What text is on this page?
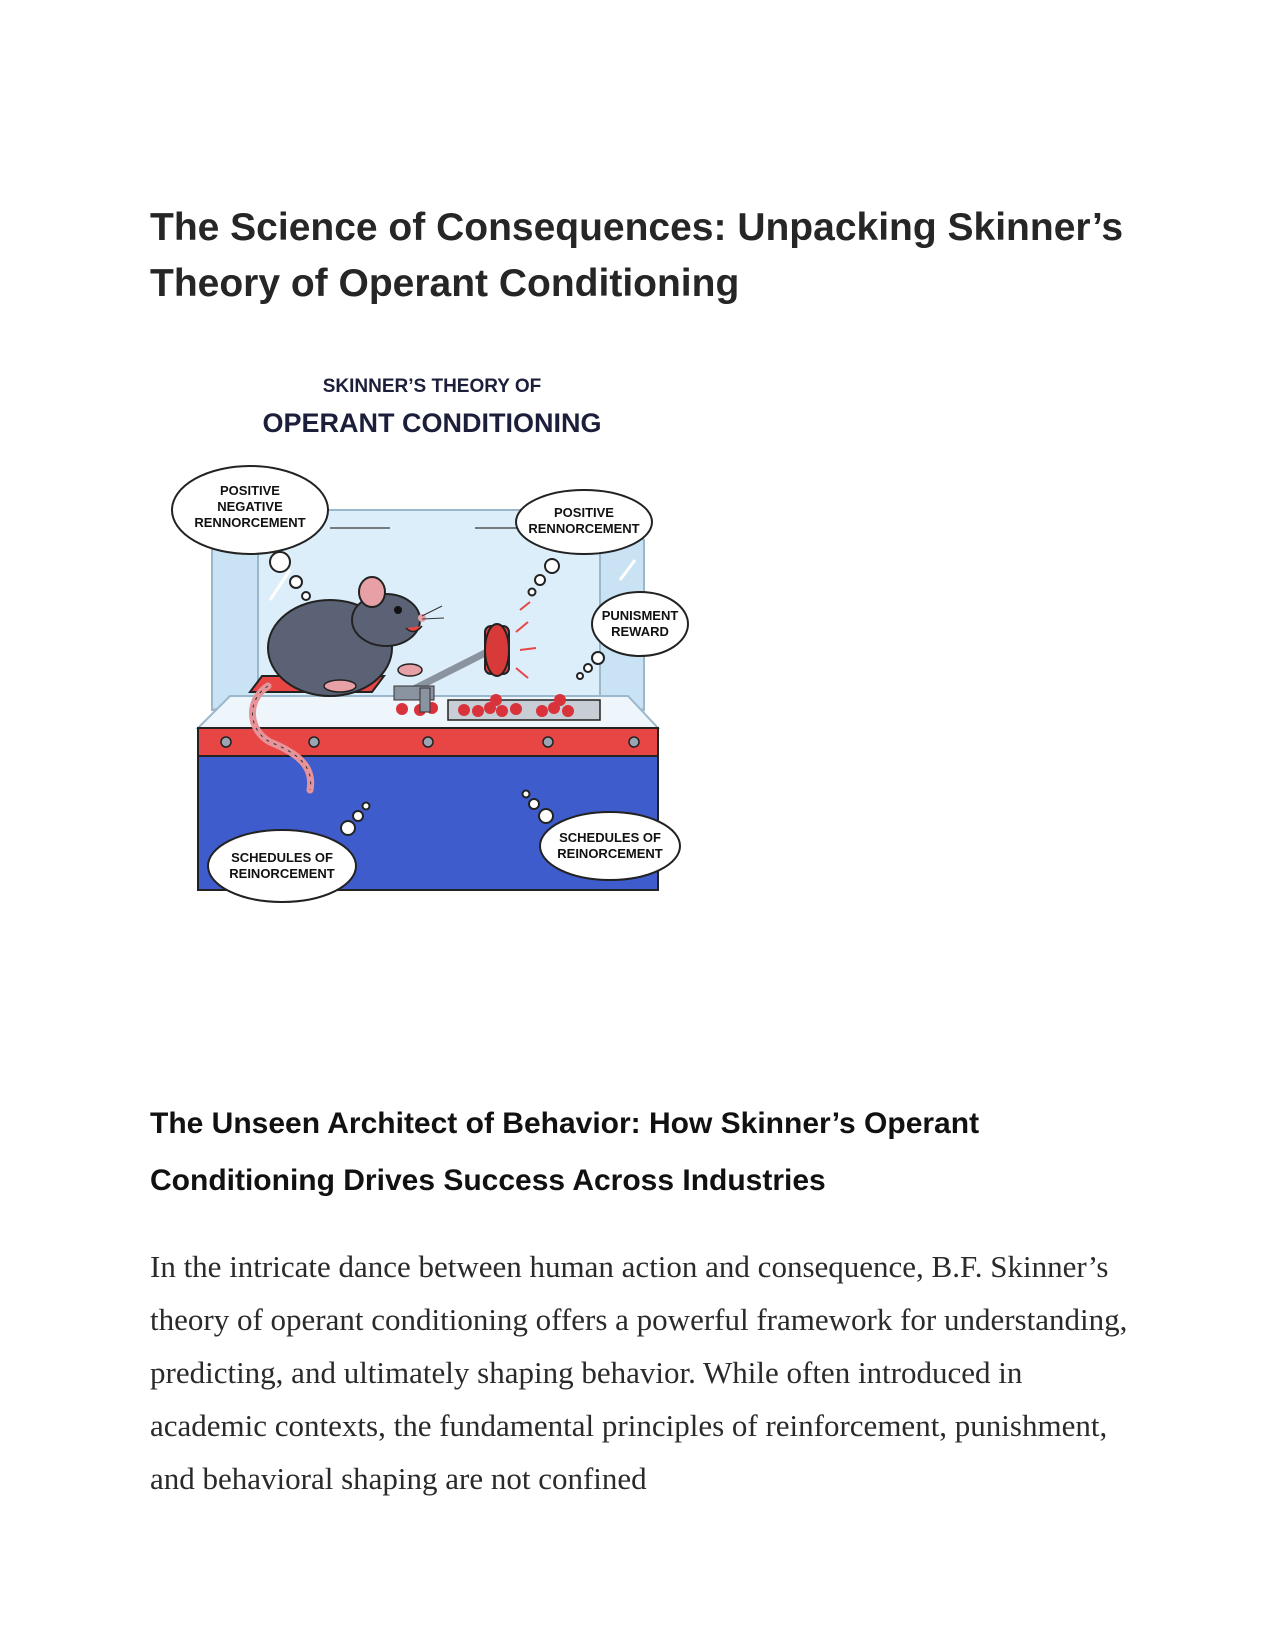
The Science of Consequences: Unpacking Skinner’s Theory of Operant Conditioning
SKINNER’S THEORY OF
OPERANT CONDITIONING
POSITIVE
NEGATIVE
RENNORCEMENT
POSITIVE
RENNORCEMENT
PUNISMENT
REWARD
SCHEDULES OF
REINORCEMENT
SCHEDULES OF
REINORCEMENT
The Unseen Architect of Behavior: How Skinner’s Operant Conditioning Drives Success Across Industries

In the intricate dance between human action and consequence, B.F. Skinner’s theory of operant conditioning offers a powerful framework for understanding, predicting, and ultimately shaping behavior. While often introduced in academic contexts, the fundamental principles of reinforcement, punishment, and behavioral shaping are not confined
